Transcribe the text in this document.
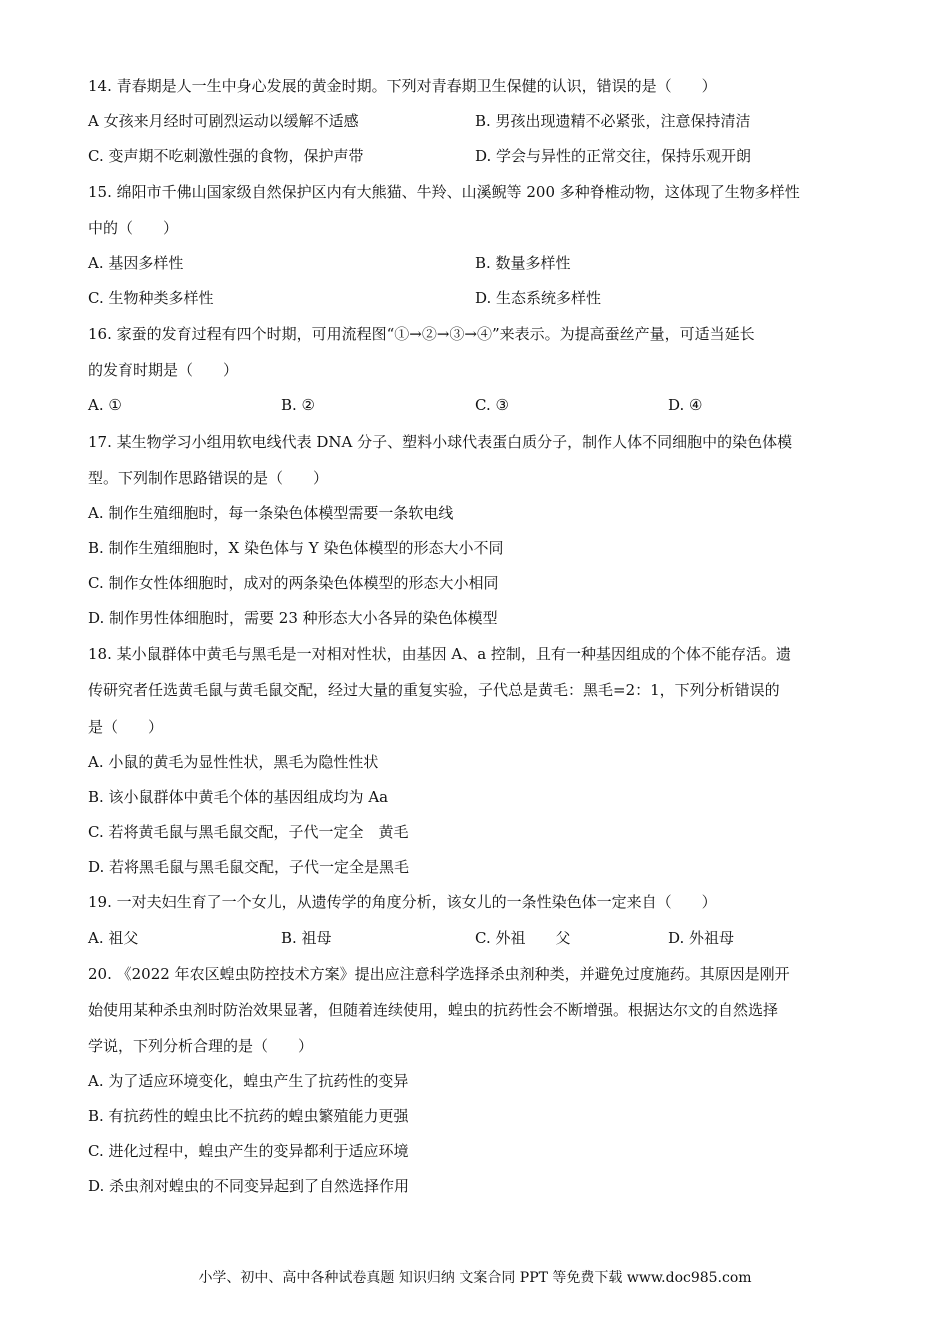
14. 青春期是人一生中身心发展的黄金时期。下列对青春期卫生保健的认识，错误的是（　　）
A 女孩来月经时可剧烈运动以缓解不适感	B. 男孩出现遗精不必紧张，注意保持清洁
C. 变声期不吃刺激性强的食物，保护声带	D. 学会与异性的正常交往，保持乐观开朗
15. 绵阳市千佛山国家级自然保护区内有大熊猫、牛羚、山溪鲵等 200 多种脊椎动物，这体现了生物多样性
中的（　　）
A. 基因多样性	B. 数量多样性
C. 生物种类多样性	D. 生态系统多样性
16. 家蚕的发育过程有四个时期，可用流程图“①→②→③→④”来表示。为提高蚕丝产量，可适当延长
的发育时期是（　　）
A. ①	B. ②	C. ③	D. ④
17. 某生物学习小组用软电线代表 DNA 分子、塑料小球代表蛋白质分子，制作人体不同细胞中的染色体模
型。下列制作思路错误的是（　　）
A. 制作生殖细胞时，每一条染色体模型需要一条软电线
B. 制作生殖细胞时，X 染色体与 Y 染色体模型的形态大小不同
C. 制作女性体细胞时，成对的两条染色体模型的形态大小相同
D. 制作男性体细胞时，需要 23 种形态大小各异的染色体模型
18. 某小鼠群体中黄毛与黑毛是一对相对性状，由基因 A、a 控制，且有一种基因组成的个体不能存活。遗
传研究者任选黄毛鼠与黄毛鼠交配，经过大量的重复实验，子代总是黄毛：黑毛=2：1，下列分析错误的
是（　　）
A. 小鼠的黄毛为显性性状，黑毛为隐性性状
B. 该小鼠群体中黄毛个体的基因组成均为 Aa
C. 若将黄毛鼠与黑毛鼠交配，子代一定全　黄毛
D. 若将黑毛鼠与黑毛鼠交配，子代一定全是黑毛
19. 一对夫妇生育了一个女儿，从遗传学的角度分析，该女儿的一条性染色体一定来自（　　）
A. 祖父	B. 祖母	C. 外祖　　父	D. 外祖母
20. 《2022 年农区蝗虫防控技术方案》提出应注意科学选择杀虫剂种类，并避免过度施药。其原因是刚开
始使用某种杀虫剂时防治效果显著，但随着连续使用，蝗虫的抗药性会不断增强。根据达尔文的自然选择
学说，下列分析合理的是（　　）
A. 为了适应环境变化，蝗虫产生了抗药性的变异
B. 有抗药性的蝗虫比不抗药的蝗虫繁殖能力更强
C. 进化过程中，蝗虫产生的变异都利于适应环境
D. 杀虫剂对蝗虫的不同变异起到了自然选择作用
小学、初中、高中各种试卷真题 知识归纳 文案合同 PPT 等免费下载 www.doc985.com
